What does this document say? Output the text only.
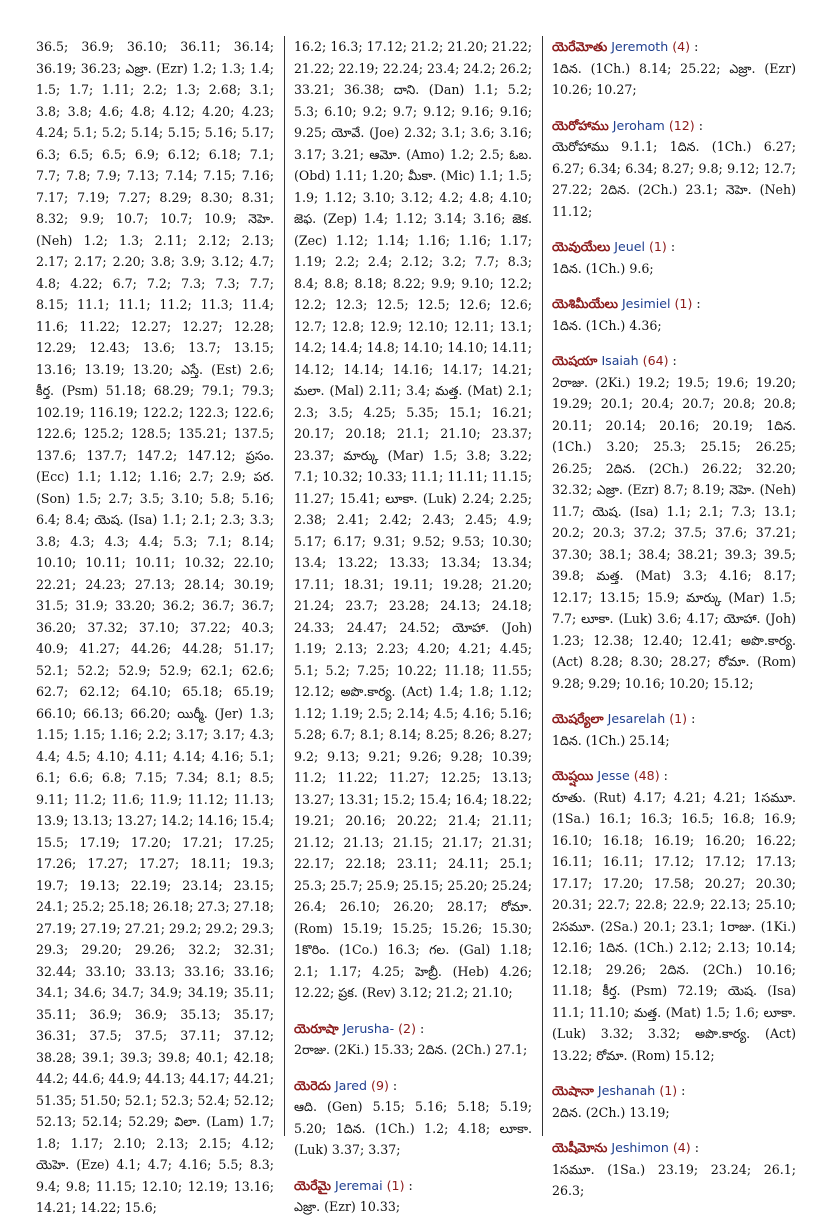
36.5; 36.9; 36.10; 36.11; 36.14; 36.19; 36.23; ఎజ్రా. (Ezr) 1.2; 1.3; 1.4; 1.5; 1.7; 1.11; 2.2; 1.3; 2.68; 3.1; 3.8; 3.8; 4.6; 4.8; 4.12; 4.20; 4.23; 4.24; 5.1; 5.2; 5.14; 5.15; 5.16; 5.17; 6.3; 6.5; 6.5; 6.9; 6.12; 6.18; 7.1; 7.7; 7.8; 7.9; 7.13; 7.14; 7.15; 7.16; 7.17; 7.19; 7.27; 8.29; 8.30; 8.31; 8.32; 9.9; 10.7; 10.7; 10.9; నెహె. (Neh) 1.2; 1.3; 2.11; 2.12; 2.13; 2.17; 2.17; 2.20; 3.8; 3.9; 3.12; 4.7; 4.8; 4.22; 6.7; 7.2; 7.3; 7.3; 7.7; 8.15; 11.1; 11.1; 11.2; 11.3; 11.4; 11.6; 11.22; 12.27; 12.27; 12.28; 12.29; 12.43; 13.6; 13.7; 13.15; 13.16; 13.19; 13.20; ఎస్తే. (Est) 2.6; కీర్త. (Psm) 51.18; 68.29; 79.1; 79.3; 102.19; 116.19; 122.2; 122.3; 122.6; 122.6; 125.2; 128.5; 135.21; 137.5; 137.6; 137.7; 147.2; 147.12; ప్రసం. (Ecc) 1.1; 1.12; 1.16; 2.7; 2.9; పర. (Son) 1.5; 2.7; 3.5; 3.10; 5.8; 5.16; 6.4; 8.4; యెష. (Isa) 1.1; 2.1; 2.3; 3.3; 3.8; 4.3; 4.3; 4.4; 5.3; 7.1; 8.14; 10.10; 10.11; 10.11; 10.32; 22.10; 22.21; 24.23; 27.13; 28.14; 30.19; 31.5; 31.9; 33.20; 36.2; 36.7; 36.7; 36.20; 37.32; 37.10; 37.22; 40.3; 40.9; 41.27; 44.26; 44.28; 51.17; 52.1; 52.2; 52.9; 52.9; 62.1; 62.6; 62.7; 62.12; 64.10; 65.18; 65.19; 66.10; 66.13; 66.20; యిర్మీ. (Jer) 1.3; 1.15; 1.15; 1.16; 2.2; 3.17; 3.17; 4.3; 4.4; 4.5; 4.10; 4.11; 4.14; 4.16; 5.1; 6.1; 6.6; 6.8; 7.15; 7.34; 8.1; 8.5; 9.11; 11.2; 11.6; 11.9; 11.12; 11.13; 13.9; 13.13; 13.27; 14.2; 14.16; 15.4; 15.5; 17.19; 17.20; 17.21; 17.25; 17.26; 17.27; 17.27; 18.11; 19.3; 19.7; 19.13; 22.19; 23.14; 23.15; 24.1; 25.2; 25.18; 26.18; 27.3; 27.18; 27.19; 27.19; 27.21; 29.2; 29.2; 29.3; 29.3; 29.20; 29.26; 32.2; 32.31; 32.44; 33.10; 33.13; 33.16; 33.16; 34.1; 34.6; 34.7; 34.9; 34.19; 35.11; 35.11; 36.9; 36.9; 35.13; 35.17; 36.31; 37.5; 37.5; 37.11; 37.12; 38.28; 39.1; 39.3; 39.8; 40.1; 42.18; 44.2; 44.6; 44.9; 44.13; 44.17; 44.21; 51.35; 51.50; 52.1; 52.3; 52.4; 52.12; 52.13; 52.14; 52.29; విలా. (Lam) 1.7; 1.8; 1.17; 2.10; 2.13; 2.15; 4.12; యెహె. (Eze) 4.1; 4.7; 4.16; 5.5; 8.3; 9.4; 9.8; 11.15; 12.10; 12.19; 13.16; 14.21; 14.22; 15.6;
16.2; 16.3; 17.12; 21.2; 21.20; 21.22; 21.22; 22.19; 22.24; 23.4; 24.2; 26.2; 33.21; 36.38; దాని. (Dan) 1.1; 5.2; 5.3; 6.10; 9.2; 9.7; 9.12; 9.16; 9.16; 9.25; యోవే. (Joe) 2.32; 3.1; 3.6; 3.16; 3.17; 3.21; ఆమో. (Amo) 1.2; 2.5; ఓబ. (Obd) 1.11; 1.20; మీకా. (Mic) 1.1; 1.5; 1.9; 1.12; 3.10; 3.12; 4.2; 4.8; 4.10; జెఫ. (Zep) 1.4; 1.12; 3.14; 3.16; జెక. (Zec) 1.12; 1.14; 1.16; 1.16; 1.17; 1.19; 2.2; 2.4; 2.12; 3.2; 7.7; 8.3; 8.4; 8.8; 8.18; 8.22; 9.9; 9.10; 12.2; 12.2; 12.3; 12.5; 12.5; 12.6; 12.6; 12.7; 12.8; 12.9; 12.10; 12.11; 13.1; 14.2; 14.4; 14.8; 14.10; 14.10; 14.11; 14.12; 14.14; 14.16; 14.17; 14.21; మలా. (Mal) 2.11; 3.4; మత్త. (Mat) 2.1; 2.3; 3.5; 4.25; 5.35; 15.1; 16.21; 20.17; 20.18; 21.1; 21.10; 23.37; 23.37; మార్కు (Mar) 1.5; 3.8; 3.22; 7.1; 10.32; 10.33; 11.1; 11.11; 11.15; 11.27; 15.41; లూకా. (Luk) 2.24; 2.25; 2.38; 2.41; 2.42; 2.43; 2.45; 4.9; 5.17; 6.17; 9.31; 9.52; 9.53; 10.30; 13.4; 13.22; 13.33; 13.34; 13.34; 17.11; 18.31; 19.11; 19.28; 21.20; 21.24; 23.7; 23.28; 24.13; 24.18; 24.33; 24.47; 24.52; యోహా. (Joh) 1.19; 2.13; 2.23; 4.20; 4.21; 4.45; 5.1; 5.2; 7.25; 10.22; 11.18; 11.55; 12.12; అపొ.కార్య. (Act) 1.4; 1.8; 1.12; 1.12; 1.19; 2.5; 2.14; 4.5; 4.16; 5.16; 5.28; 6.7; 8.1; 8.14; 8.25; 8.26; 8.27; 9.2; 9.13; 9.21; 9.26; 9.28; 10.39; 11.2; 11.22; 11.27; 12.25; 13.13; 13.27; 13.31; 15.2; 15.4; 16.4; 18.22; 19.21; 20.16; 20.22; 21.4; 21.11; 21.12; 21.13; 21.15; 21.17; 21.31; 22.17; 22.18; 23.11; 24.11; 25.1; 25.3; 25.7; 25.9; 25.15; 25.20; 25.24; 26.4; 26.10; 26.20; 28.17; రోమా. (Rom) 15.19; 15.25; 15.26; 15.30; 1కొరిం. (1Co.) 16.3; గల. (Gal) 1.18; 2.1; 1.17; 4.25; హెబ్రీ. (Heb) 4.26; 12.22; ప్రక. (Rev) 3.12; 21.2; 21.10;
యెరూషా Jerusha- (2) :
2రాజు. (2Ki.) 15.33; 2దిన. (2Ch.) 27.1;
యెరెదు Jared (9) :
ఆది. (Gen) 5.15; 5.16; 5.18; 5.19; 5.20; 1దిన. (1Ch.) 1.2; 4.18; లూకా. (Luk) 3.37; 3.37;
యెరేమై Jeremai (1) :
ఎజ్రా. (Ezr) 10.33;
యెరేమోతు Jeremoth (4) :
1దిన. (1Ch.) 8.14; 25.22; ఎజ్రా. (Ezr) 10.26; 10.27;
యెరోహాము Jeroham (12) :
యెరోహాము 9.1.1; 1దిన. (1Ch.) 6.27; 6.27; 6.34; 6.34; 8.27; 9.8; 9.12; 12.7; 27.22; 2దిన. (2Ch.) 23.1; నెహె. (Neh) 11.12;
యెవుయేలు Jeuel (1) :
1దిన. (1Ch.) 9.6;
యెశిమీయేలు Jesimiel (1) :
1దిన. (1Ch.) 4.36;
యెషయా Isaiah (64) :
2రాజు. (2Ki.) 19.2; 19.5; 19.6; 19.20; 19.29; 20.1; 20.4; 20.7; 20.8; 20.8; 20.11; 20.14; 20.16; 20.19; 1దిన. (1Ch.) 3.20; 25.3; 25.15; 26.25; 26.25; 2దిన. (2Ch.) 26.22; 32.20; 32.32; ఎజ్రా. (Ezr) 8.7; 8.19; నెహె. (Neh) 11.7; యెష. (Isa) 1.1; 2.1; 7.3; 13.1; 20.2; 20.3; 37.2; 37.5; 37.6; 37.21; 37.30; 38.1; 38.4; 38.21; 39.3; 39.5; 39.8; మత్త. (Mat) 3.3; 4.16; 8.17; 12.17; 13.15; 15.9; మార్కు (Mar) 1.5; 7.7; లూకా. (Luk) 3.6; 4.17; యోహా. (Joh) 1.23; 12.38; 12.40; 12.41; అపొ.కార్య. (Act) 8.28; 8.30; 28.27; రోమా. (Rom) 9.28; 9.29; 10.16; 10.20; 15.12;
యెషర్యేలా Jesarelah (1) :
1దిన. (1Ch.) 25.14;
యెష్షయి Jesse (48) :
రూతు. (Rut) 4.17; 4.21; 4.21; 1సమూ. (1Sa.) 16.1; 16.3; 16.5; 16.8; 16.9; 16.10; 16.18; 16.19; 16.20; 16.22; 16.11; 16.11; 17.12; 17.12; 17.13; 17.17; 17.20; 17.58; 20.27; 20.30; 20.31; 22.7; 22.8; 22.9; 22.13; 25.10; 2సమూ. (2Sa.) 20.1; 23.1; 1రాజు. (1Ki.) 12.16; 1దిన. (1Ch.) 2.12; 2.13; 10.14; 12.18; 29.26; 2దిన. (2Ch.) 10.16; 11.18; కీర్త. (Psm) 72.19; యెష. (Isa) 11.1; 11.10; మత్త. (Mat) 1.5; 1.6; లూకా. (Luk) 3.32; 3.32; అపొ.కార్య. (Act) 13.22; రోమా. (Rom) 15.12;
యెషానా Jeshanah (1) :
2దిన. (2Ch.) 13.19;
యెషీమోను Jeshimon (4) :
1సమూ. (1Sa.) 23.19; 23.24; 26.1; 26.3;
